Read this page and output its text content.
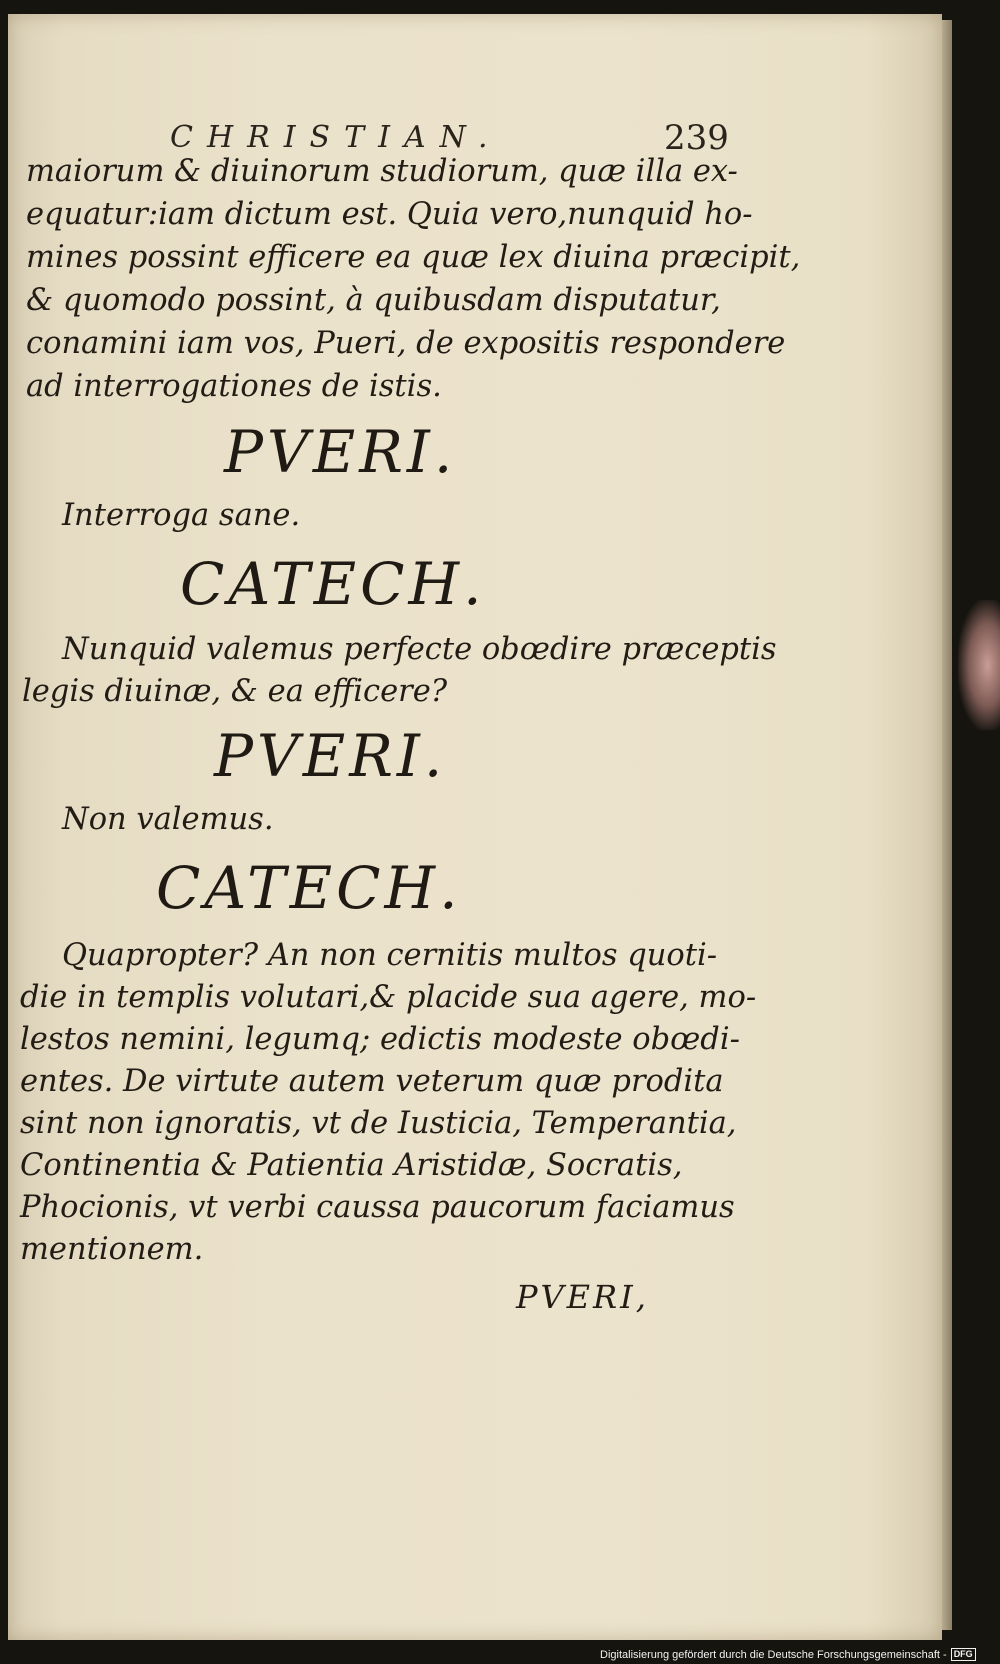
CHRISTIAN.	239
maiorum & diuinorum studiorum, quæ illa ex-
equatur:iam dictum est. Quia vero,nunquid ho-
mines possint efficere ea quæ lex diuina præcipit,
& quomodo possint, à quibusdam disputatur,
conamini iam vos, Pueri, de expositis respondere
ad interrogationes de istis.
PVERI.
Interroga sane.
CATECH.
Nunquid valemus perfecte obœdire præceptis
legis diuinæ, & ea efficere?
PVERI.
Non valemus.
CATECH.
Quapropter? An non cernitis multos quoti-
die in templis volutari,& placide sua agere, mo-
lestos nemini, legumq; edictis modeste obœdi-
entes. De virtute autem veterum quæ prodita
sint non ignoratis, vt de Iusticia, Temperantia,
Continentia & Patientia Aristidæ, Socratis,
Phocionis, vt verbi caussa paucorum faciamus
mentionem.
PVERI,
Digitalisierung gefördert durch die Deutsche Forschungsgemeinschaft - DFG
